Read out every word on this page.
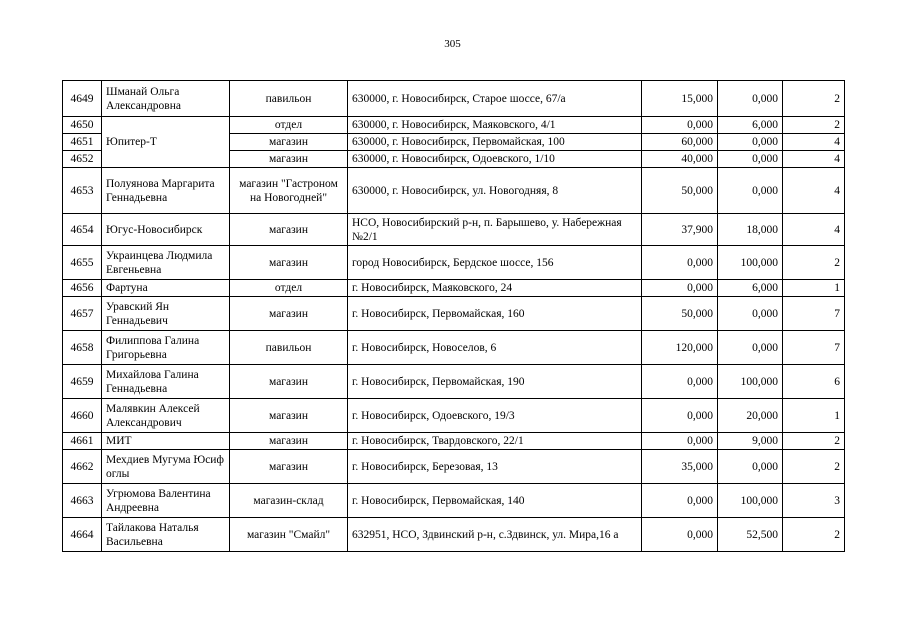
305
4649	Шманай Ольга Александровна	павильон	630000, г. Новосибирск, Старое шоссе, 67/а	15,000	0,000	2
4650	Юпитер-Т	отдел	630000, г. Новосибирск, Маяковского, 4/1	0,000	6,000	2
4651		магазин	630000, г. Новосибирск, Первомайская, 100	60,000	0,000	4
4652		магазин	630000, г. Новосибирск, Одоевского, 1/10	40,000	0,000	4
4653	Полуянова Маргарита Геннадьевна	магазин "Гастроном на Новогодней"	630000, г. Новосибирск, ул. Новогодняя, 8	50,000	0,000	4
4654	Югус-Новосибирск	магазин	НСО, Новосибирский р-н, п. Барышево, у. Набережная №2/1	37,900	18,000	4
4655	Укpаинцева Людмила Евгеньевна	магазин	город Новосибирск, Бердское шоссе, 156	0,000	100,000	2
4656	Фартуна	отдел	г. Новосибирск, Маяковского, 24	0,000	6,000	1
4657	Уравский Ян Геннадьевич	магазин	г. Новосибирск, Первомайская, 160	50,000	0,000	7
4658	Филиппова Галина Григорьевна	павильон	г. Новосибирск, Новоселов, 6	120,000	0,000	7
4659	Михайлова Галина Геннадьевна	магазин	г. Новосибирск, Первомайская, 190	0,000	100,000	6
4660	Малявкин Алексей Александрович	магазин	г. Новосибирск, Одоевского, 19/3	0,000	20,000	1
4661	МИТ	магазин	г. Новосибирск, Твардовского, 22/1	0,000	9,000	2
4662	Мехдиев Мугума Юсиф оглы	магазин	г. Новосибирск, Березовая, 13	35,000	0,000	2
4663	Угрюмова Валентина Андреевна	магазин-склад	г. Новосибирск, Первомайская, 140	0,000	100,000	3
4664	Тайлакова Наталья Васильевна	магазин "Смайл"	632951, НСО, Здвинский р-н, с.Здвинск, ул. Мира,16 а	0,000	52,500	2
